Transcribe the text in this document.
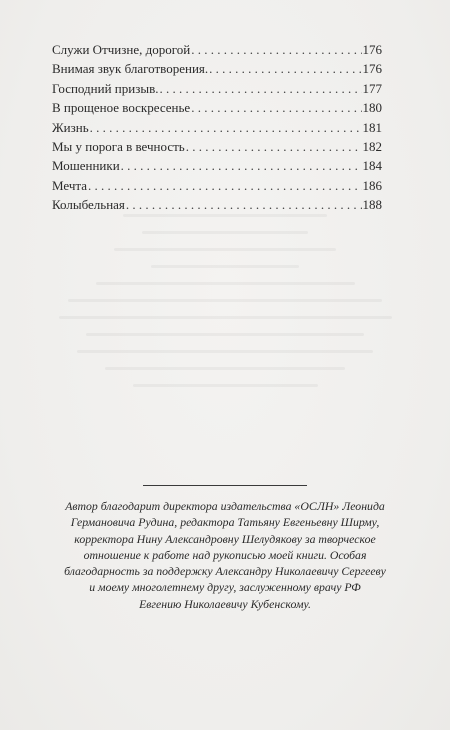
Служи Отчизне, дорогой . . .	176
Внимая звук благотворения. . . .	176
Господний призыв. . . .	177
В прощеное воскресенье . . .	180
Жизнь . . .	181
Мы у порога в вечность . . .	182
Мошенники . . .	184
Мечта . . .	186
Колыбельная . . .	188
Автор благодарит директора издательства «ОСЛН» Леонида
Германовича Рудина, редактора Татьяну Евгеньевну Ширму,
корректора Нину Александровну Шелудякову за творческое
отношение к работе над рукописью моей книги. Особая
благодарность за поддержку Александру Николаевичу Сергееву
и моему многолетнему другу, заслуженному врачу РФ
Евгению Николаевичу Кубенскому.
